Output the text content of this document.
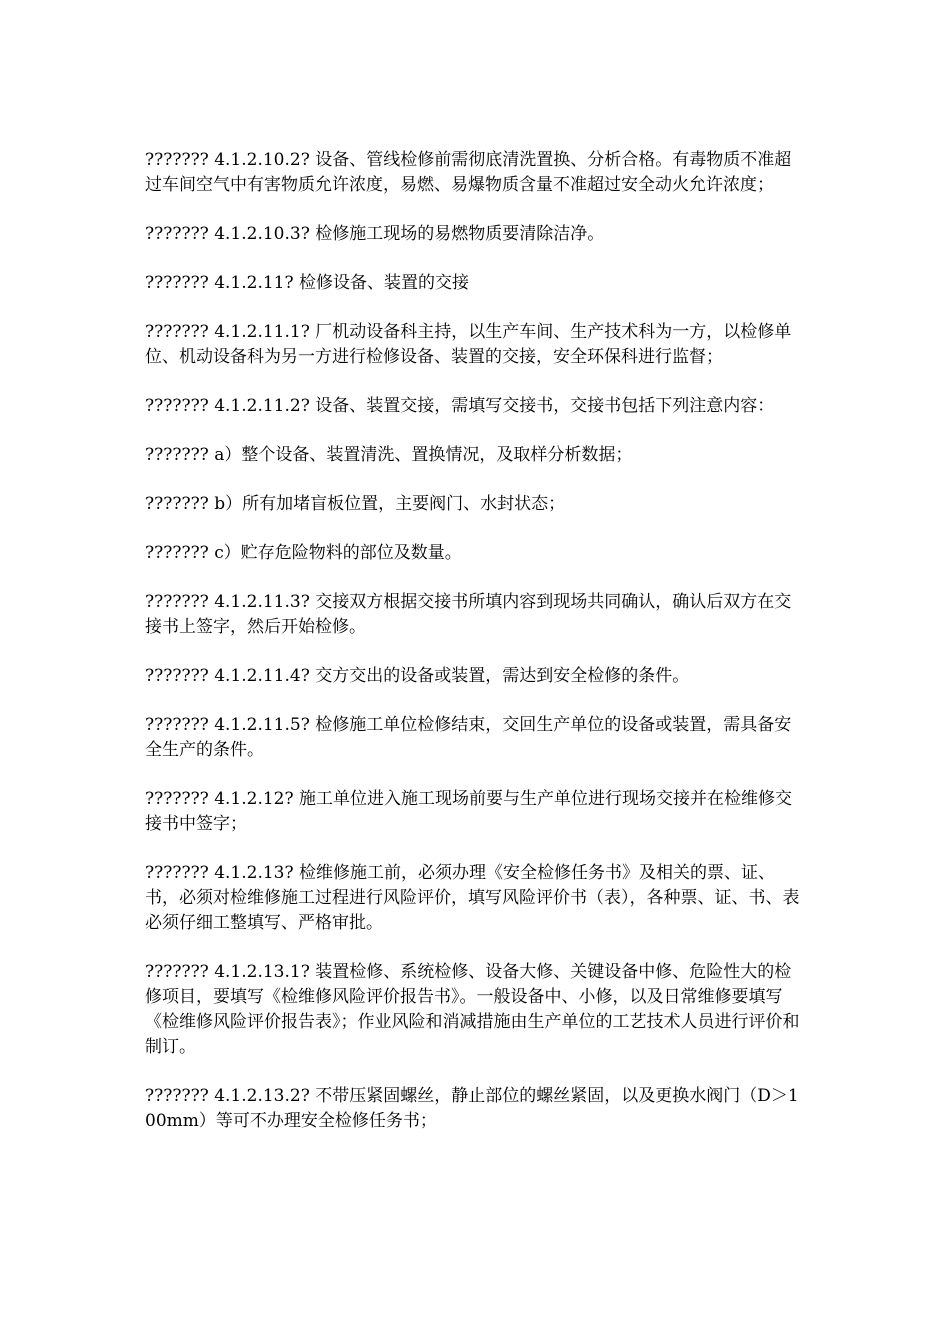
??????? 4.1.2.10.2? 设备、管线检修前需彻底清洗置换、分析合格。有毒物质不准超过车间空气中有害物质允许浓度，易燃、易爆物质含量不准超过安全动火允许浓度；

??????? 4.1.2.10.3? 检修施工现场的易燃物质要清除洁净。

??????? 4.1.2.11? 检修设备、装置的交接

??????? 4.1.2.11.1? 厂机动设备科主持，以生产车间、生产技术科为一方，以检修单位、机动设备科为另一方进行检修设备、装置的交接，安全环保科进行监督；

??????? 4.1.2.11.2? 设备、装置交接，需填写交接书，交接书包括下列注意内容：

??????? a）整个设备、装置清洗、置换情况，及取样分析数据；

??????? b）所有加堵盲板位置，主要阀门、水封状态；

??????? c）贮存危险物料的部位及数量。

??????? 4.1.2.11.3? 交接双方根据交接书所填内容到现场共同确认，确认后双方在交接书上签字，然后开始检修。

??????? 4.1.2.11.4? 交方交出的设备或装置，需达到安全检修的条件。

??????? 4.1.2.11.5? 检修施工单位检修结束，交回生产单位的设备或装置，需具备安全生产的条件。

??????? 4.1.2.12? 施工单位进入施工现场前要与生产单位进行现场交接并在检维修交接书中签字；

??????? 4.1.2.13? 检维修施工前，必须办理《安全检修任务书》及相关的票、证、书，必须对检维修施工过程进行风险评价，填写风险评价书（表），各种票、证、书、表必须仔细工整填写、严格审批。

??????? 4.1.2.13.1? 装置检修、系统检修、设备大修、关键设备中修、危险性大的检修项目，要填写《检维修风险评价报告书》。一般设备中、小修，以及日常维修要填写《检维修风险评价报告表》；作业风险和消减措施由生产单位的工艺技术人员进行评价和制订。

??????? 4.1.2.13.2? 不带压紧固螺丝，静止部位的螺丝紧固，以及更换水阀门（D＞100mm）等可不办理安全检修任务书；
